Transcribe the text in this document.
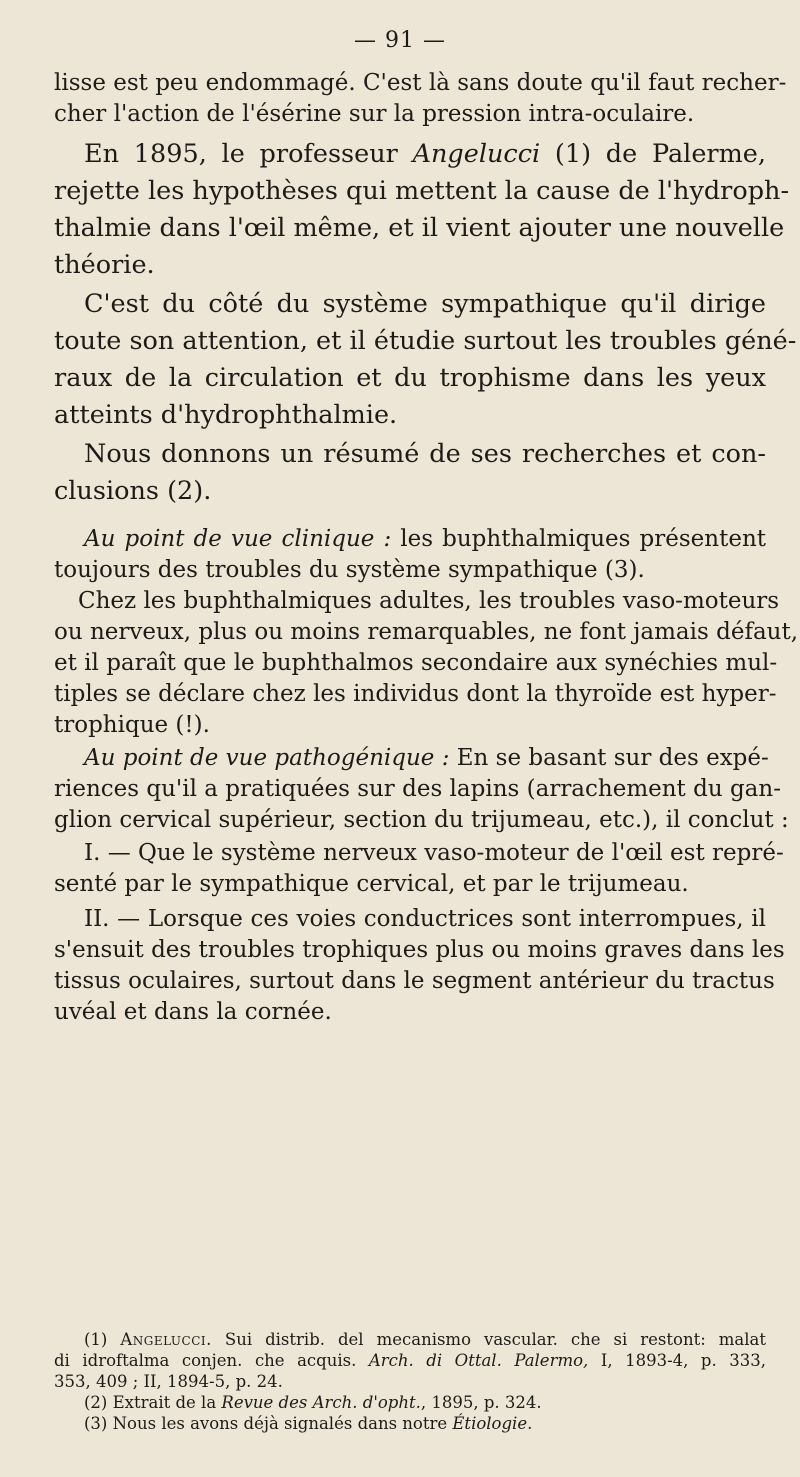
— 91 —
lisse est peu endommagé. C'est là sans doute qu'il faut recher-
cher l'action de l'ésérine sur la pression intra-oculaire.
En 1895, le professeur Angelucci (1) de Palerme,
rejette les hypothèses qui mettent la cause de l'hydroph-
thalmie dans l'œil même, et il vient ajouter une nouvelle
théorie.
C'est du côté du système sympathique qu'il dirige
toute son attention, et il étudie surtout les troubles géné-
raux de la circulation et du trophisme dans les yeux
atteints d'hydrophthalmie.
Nous donnons un résumé de ses recherches et con-
clusions (2).
Au point de vue clinique : les buphthalmiques présentent
toujours des troubles du système sympathique (3).
Chez les buphthalmiques adultes, les troubles vaso-moteurs
ou nerveux, plus ou moins remarquables, ne font jamais défaut,
et il paraît que le buphthalmos secondaire aux synéchies mul-
tiples se déclare chez les individus dont la thyroïde est hyper-
trophique (!).
Au point de vue pathogénique : En se basant sur des expé-
riences qu'il a pratiquées sur des lapins (arrachement du gan-
glion cervical supérieur, section du trijumeau, etc.), il conclut :
I. — Que le système nerveux vaso-moteur de l'œil est repré-
senté par le sympathique cervical, et par le trijumeau.
II. — Lorsque ces voies conductrices sont interrompues, il
s'ensuit des troubles trophiques plus ou moins graves dans les
tissus oculaires, surtout dans le segment antérieur du tractus
uvéal et dans la cornée.
(1) Angelucci. Sui distrib. del mecanismo vascular. che si restont: malat
di idroftalma conjen. che acquis. Arch. di Ottal. Palermo, I, 1893-4, p. 333,
353, 409 ; II, 1894-5, p. 24.
(2) Extrait de la Revue des Arch. d'opht., 1895, p. 324.
(3) Nous les avons déjà signalés dans notre Étiologie.
